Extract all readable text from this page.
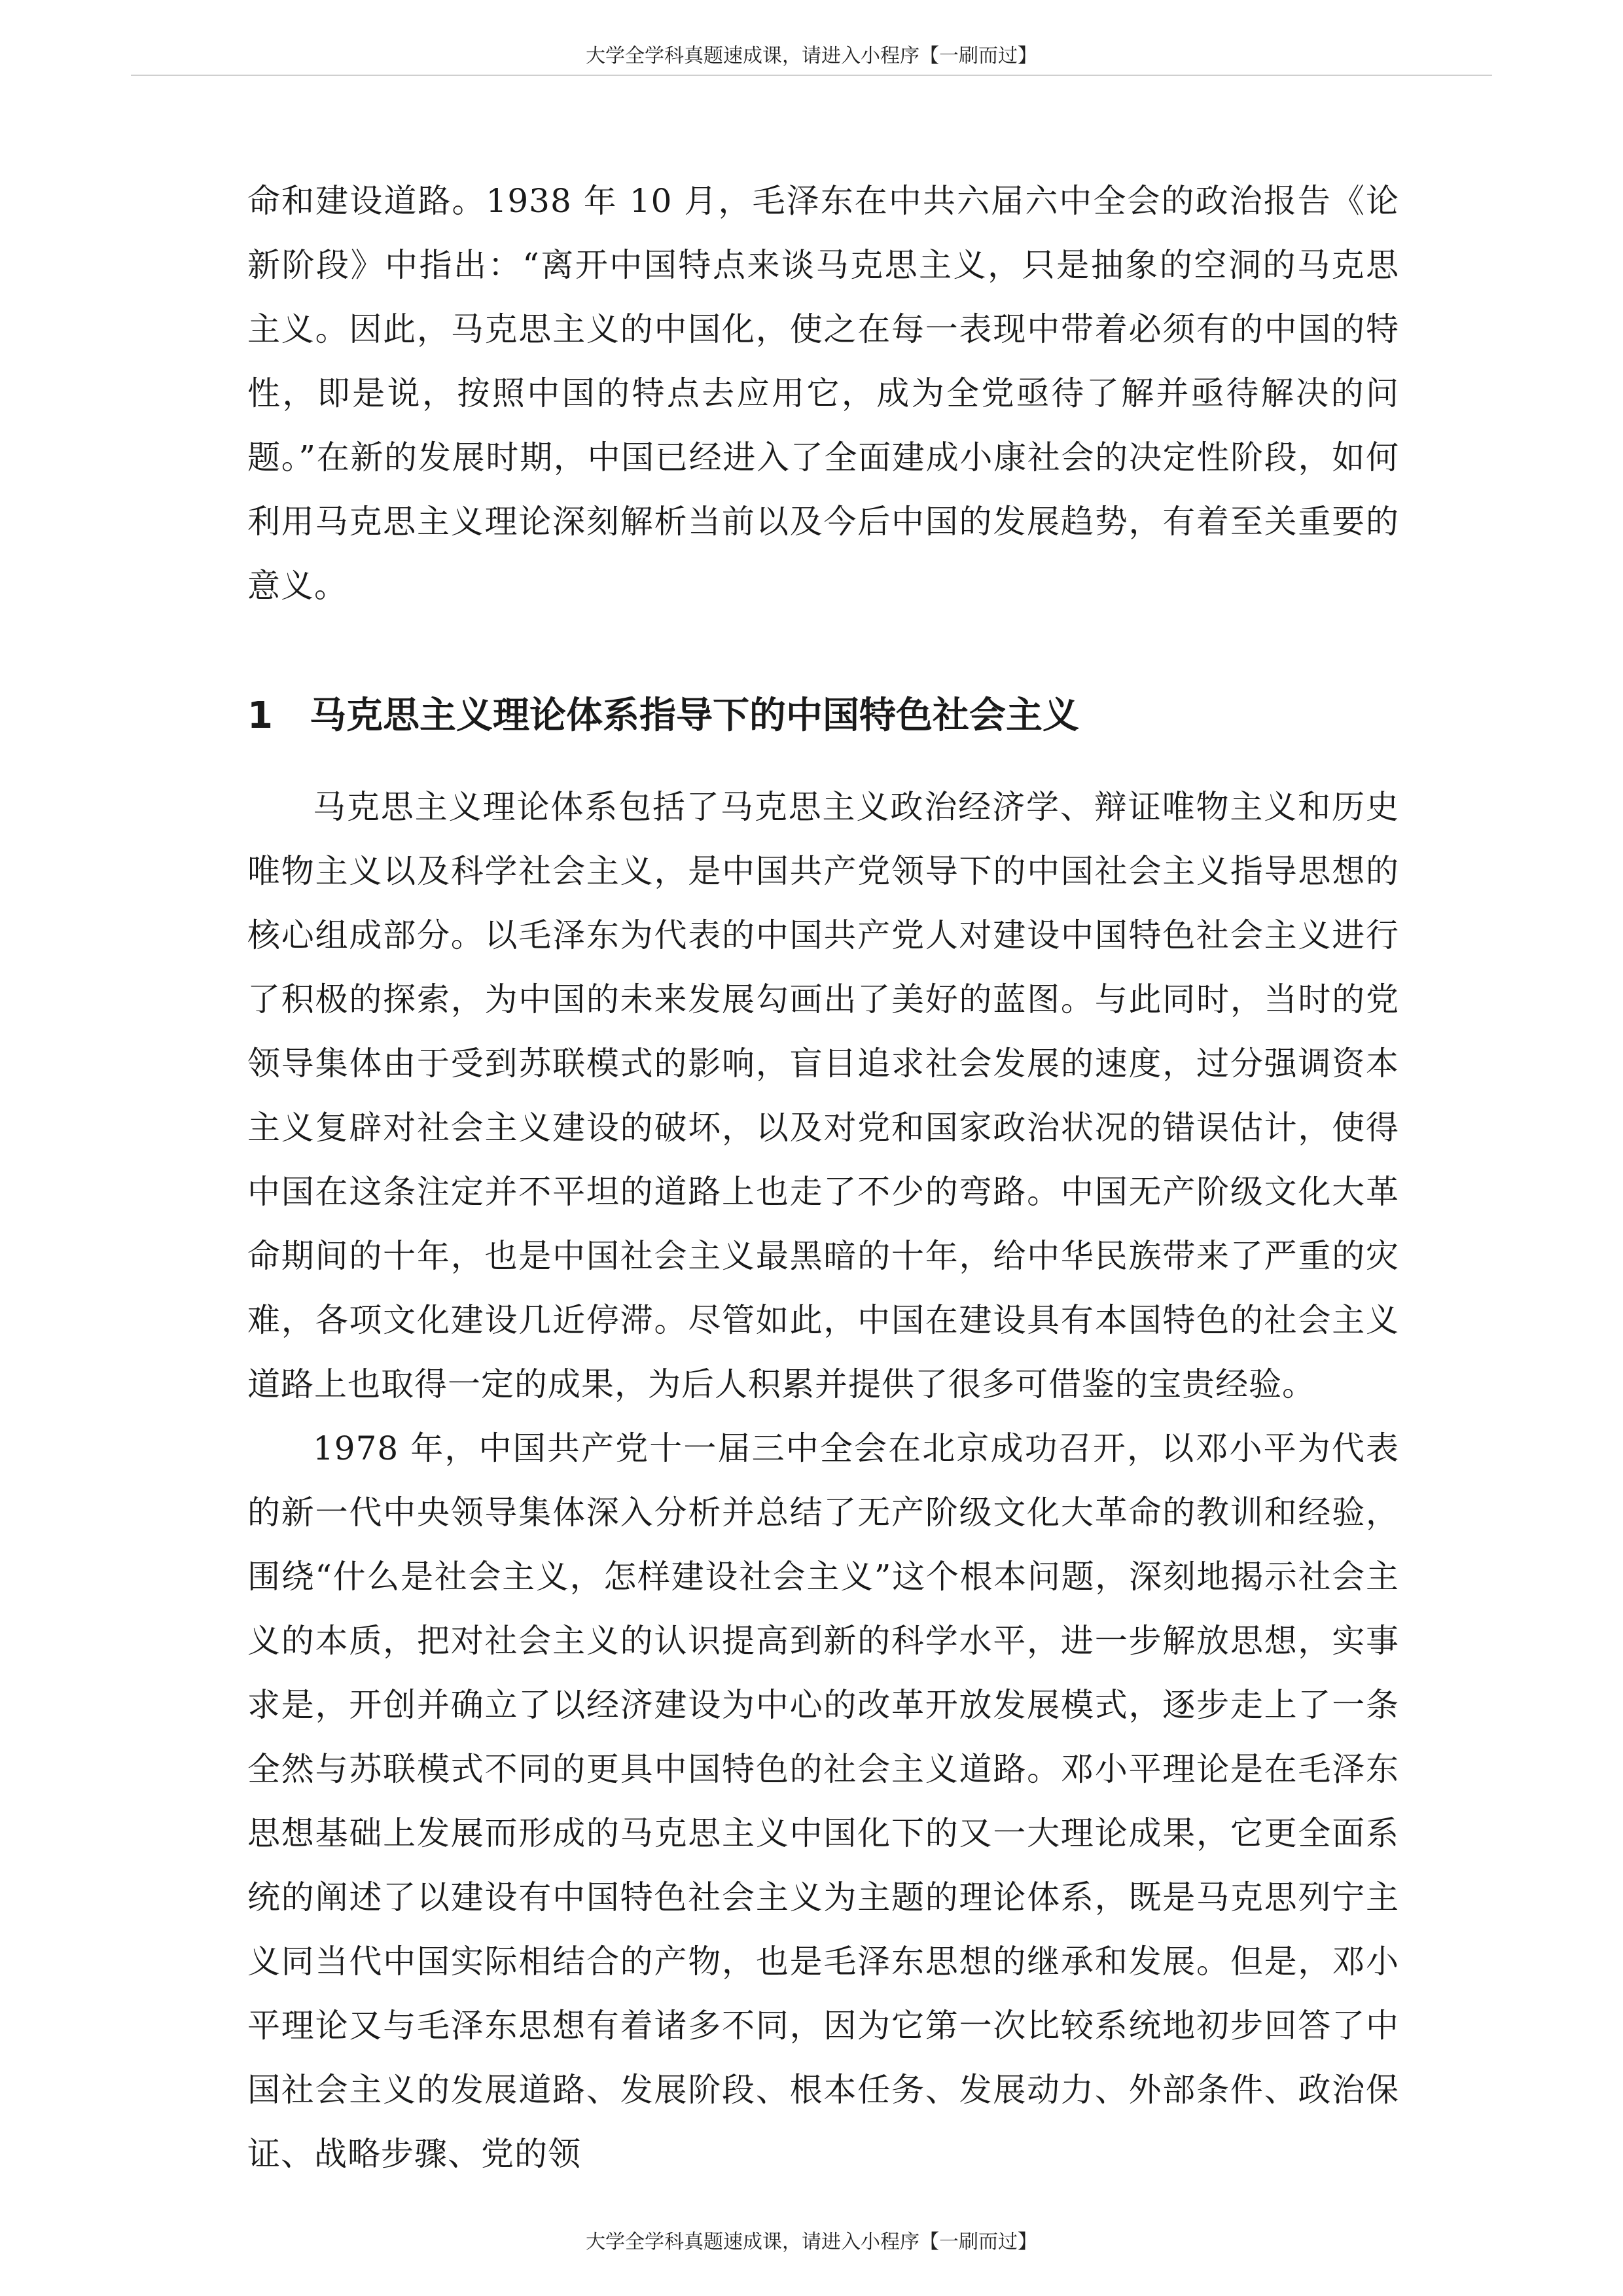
大学全学科真题速成课，请进入小程序【一刷而过】

命和建设道路。1938 年 10 月，毛泽东在中共六届六中全会的政治报告《论新阶段》中指出：“离开中国特点来谈马克思主义，只是抽象的空洞的马克思主义。因此，马克思主义的中国化，使之在每一表现中带着必须有的中国的特性，即是说，按照中国的特点去应用它，成为全党亟待了解并亟待解决的问题。”在新的发展时期，中国已经进入了全面建成小康社会的决定性阶段，如何利用马克思主义理论深刻解析当前以及今后中国的发展趋势，有着至关重要的意义。

1 马克思主义理论体系指导下的中国特色社会主义

马克思主义理论体系包括了马克思主义政治经济学、辩证唯物主义和历史唯物主义以及科学社会主义，是中国共产党领导下的中国社会主义指导思想的核心组成部分。以毛泽东为代表的中国共产党人对建设中国特色社会主义进行了积极的探索，为中国的未来发展勾画出了美好的蓝图。与此同时，当时的党领导集体由于受到苏联模式的影响，盲目追求社会发展的速度，过分强调资本主义复辟对社会主义建设的破坏，以及对党和国家政治状况的错误估计，使得中国在这条注定并不平坦的道路上也走了不少的弯路。中国无产阶级文化大革命期间的十年，也是中国社会主义最黑暗的十年，给中华民族带来了严重的灾难，各项文化建设几近停滞。尽管如此，中国在建设具有本国特色的社会主义道路上也取得一定的成果，为后人积累并提供了很多可借鉴的宝贵经验。

1978 年，中国共产党十一届三中全会在北京成功召开，以邓小平为代表的新一代中央领导集体深入分析并总结了无产阶级文化大革命的教训和经验，围绕“什么是社会主义，怎样建设社会主义”这个根本问题，深刻地揭示社会主义的本质，把对社会主义的认识提高到新的科学水平，进一步解放思想，实事求是，开创并确立了以经济建设为中心的改革开放发展模式，逐步走上了一条全然与苏联模式不同的更具中国特色的社会主义道路。邓小平理论是在毛泽东思想基础上发展而形成的马克思主义中国化下的又一大理论成果，它更全面系统的阐述了以建设有中国特色社会主义为主题的理论体系，既是马克思列宁主义同当代中国实际相结合的产物，也是毛泽东思想的继承和发展。但是，邓小平理论又与毛泽东思想有着诸多不同，因为它第一次比较系统地初步回答了中国社会主义的发展道路、发展阶段、根本任务、发展动力、外部条件、政治保证、战略步骤、党的领

大学全学科真题速成课，请进入小程序【一刷而过】
